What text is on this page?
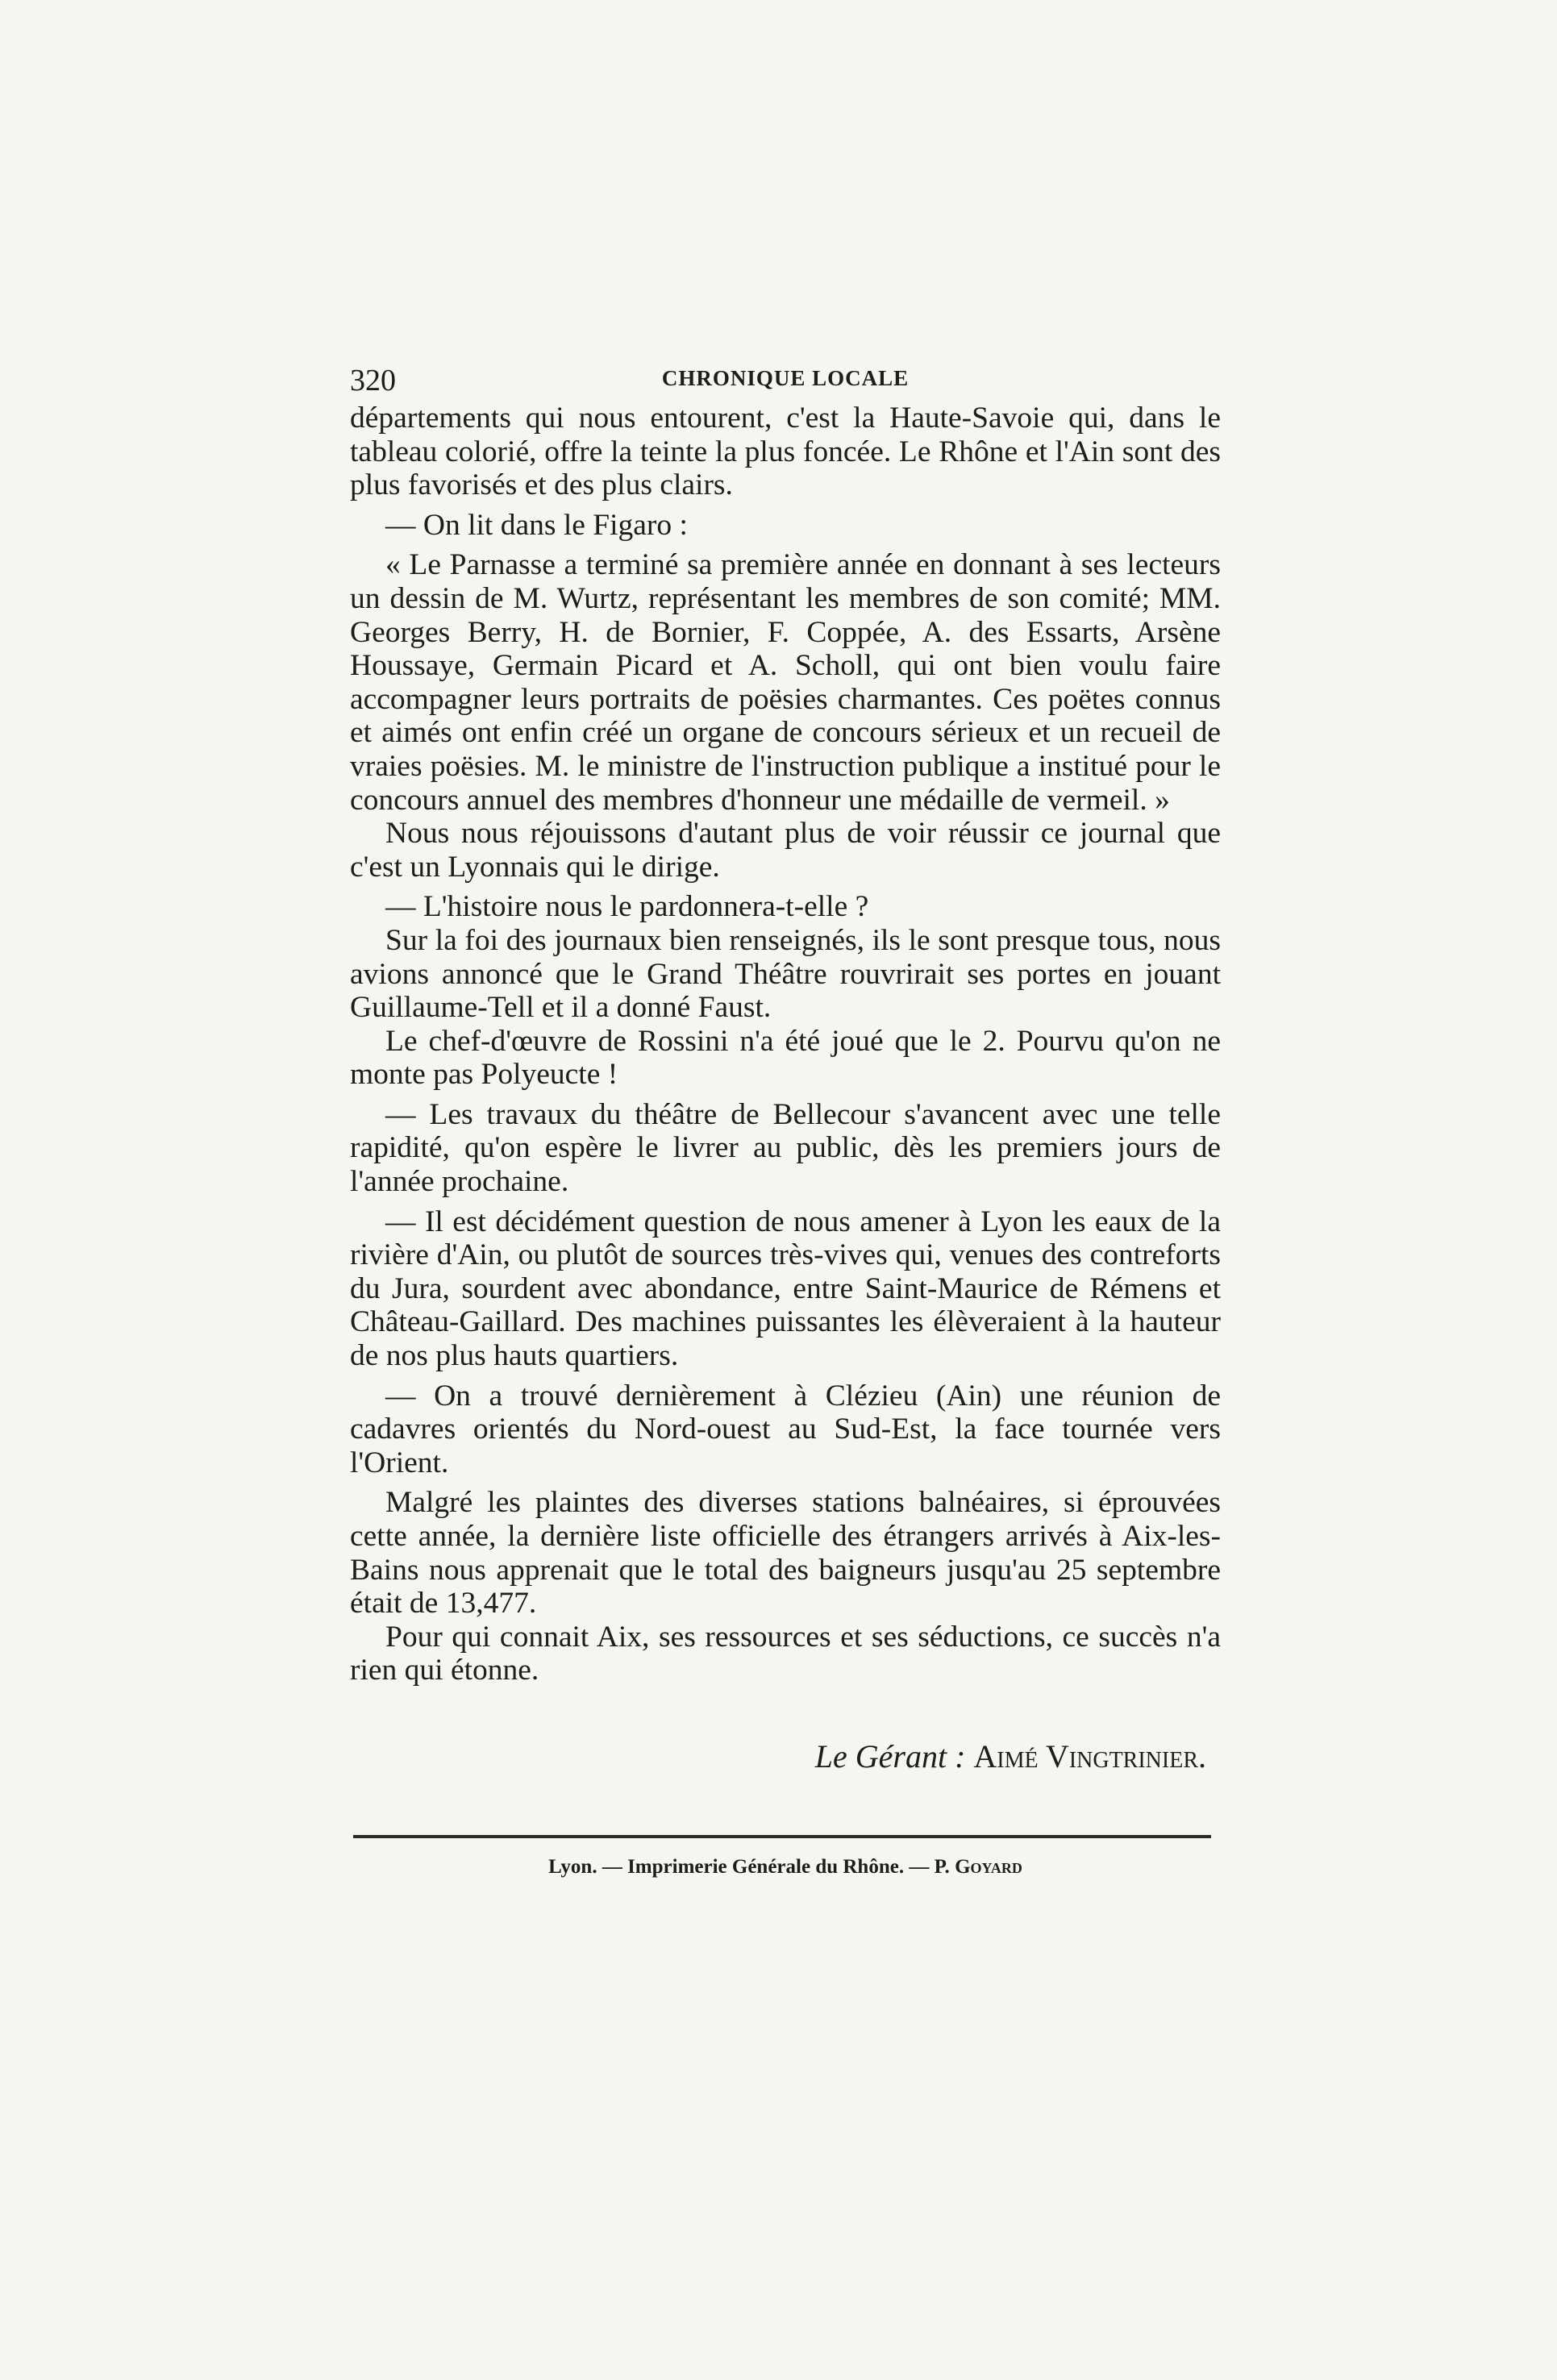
320	CHRONIQUE LOCALE

départements qui nous entourent, c'est la Haute-Savoie qui, dans le tableau colorié, offre la teinte la plus foncée. Le Rhône et l'Ain sont des plus favorisés et des plus clairs.

— On lit dans le Figaro :

« Le Parnasse a terminé sa première année en donnant à ses lecteurs un dessin de M. Wurtz, représentant les membres de son comité; MM. Georges Berry, H. de Bornier, F. Coppée, A. des Essarts, Arsène Houssaye, Germain Picard et A. Scholl, qui ont bien voulu faire accompagner leurs portraits de poësies charmantes. Ces poëtes connus et aimés ont enfin créé un organe de concours sérieux et un recueil de vraies poësies. M. le ministre de l'instruction publique a institué pour le concours annuel des membres d'honneur une médaille de vermeil. »

Nous nous réjouissons d'autant plus de voir réussir ce journal que c'est un Lyonnais qui le dirige.

— L'histoire nous le pardonnera-t-elle ?

Sur la foi des journaux bien renseignés, ils le sont presque tous, nous avions annoncé que le Grand Théâtre rouvrirait ses portes en jouant Guillaume-Tell et il a donné Faust.

Le chef-d'œuvre de Rossini n'a été joué que le 2. Pourvu qu'on ne monte pas Polyeucte !

— Les travaux du théâtre de Bellecour s'avancent avec une telle rapidité, qu'on espère le livrer au public, dès les premiers jours de l'année prochaine.

— Il est décidément question de nous amener à Lyon les eaux de la rivière d'Ain, ou plutôt de sources très-vives qui, venues des contreforts du Jura, sourdent avec abondance, entre Saint-Maurice de Rémens et Château-Gaillard. Des machines puissantes les élèveraient à la hauteur de nos plus hauts quartiers.

— On a trouvé dernièrement à Clézieu (Ain) une réunion de cadavres orientés du Nord-ouest au Sud-Est, la face tournée vers l'Orient.

Malgré les plaintes des diverses stations balnéaires, si éprouvées cette année, la dernière liste officielle des étrangers arrivés à Aix-les-Bains nous apprenait que le total des baigneurs jusqu'au 25 septembre était de 13,477.

Pour qui connait Aix, ses ressources et ses séductions, ce succès n'a rien qui étonne.

Le Gérant : Aimé Vingtrinier.
Lyon. — Imprimerie Générale du Rhône. — P. Goyard
